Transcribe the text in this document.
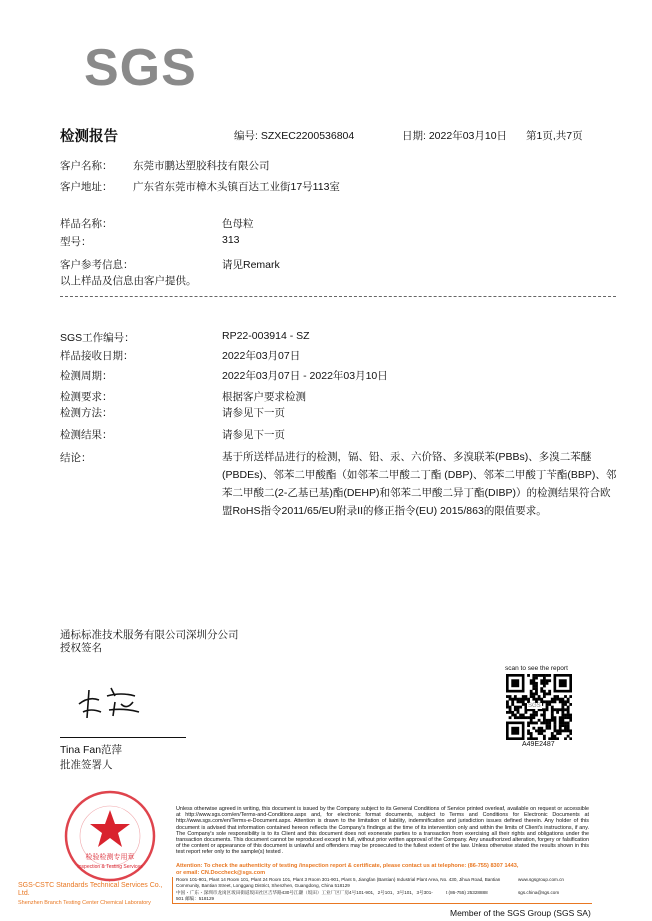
SGS
检测报告	编号: SZXEC2200536804	日期: 2022年03月10日 第1页,共7页
客户名称： 东莞市鹏达塑胶科技有限公司
客户地址： 广东省东莞市樟木头镇百达工业街17号113室
样品名称：	色母粒
型号：	313
客户参考信息：	请见Remark
以上样品及信息由客户提供。
SGS工作编号：	RP22-003914 - SZ
样品接收日期：	2022年03月07日
检测周期：	2022年03月07日 - 2022年03月10日
检测要求：	根据客户要求检测
检测方法：	请参见下一页
检测结果：	请参见下一页
结论：	基于所送样品进行的检测，镉、铅、汞、六价铬、多溴联苯(PBBs)、多溴二苯醚(PBDEs)、邻苯二甲酸酯（如邻苯二甲酸二丁酯 (DBP)、邻苯二甲酸丁苄酯(BBP)、邻苯二甲酸二(2-乙基已基)酯(DEHP)和邻苯二甲酸二异丁酯(DIBP)）的检测结果符合欧盟RoHS指令2011/65/EU附录II的修正指令(EU) 2015/863的限值要求。
通标标准技术服务有限公司深圳分公司
授权签名
Tina Fan范萍
批准签署人
scan to see the report
SGS
A49E2487
检验检测专用章
Inspection & Testing Services
Unless otherwise agreed in writing, this document is issued by the Company subject to its General Conditions of Service printed overleaf, available on request or accessible at http://www.sgs.com/en/Terms-and-Conditions.aspx and, for electronic format documents, subject to Terms and Conditions for Electronic Documents at http://www.sgs.com/en/Terms-e-Document.aspx. Attention is drawn to the limitation of liability, indemnification and jurisdiction issues defined therein. Any holder of this document is advised that information contained hereon reflects the Company's findings at the time of its intervention only and within the limits of Client's instructions, if any. The Company's sole responsibility is to its Client and this document does not exonerate parties to a transaction from exercising all their rights and obligations under the transaction documents. This document cannot be reproduced except in full, without prior written approval of the Company. Any unauthorized alteration, forgery or falsification of the content or appearance of this document is unlawful and offenders may be prosecuted to the fullest extent of the law. Unless otherwise stated the results shown in this test report refer only to the sample(s) tested .
Attention: To check the authenticity of testing /inspection report & certificate, please contact us at telephone: (86-755) 8307 1443,
or email: CN.Doccheck@sgs.com
SGS-CSTC Standards Technical Services Co., Ltd.
Shenzhen Branch Testing Center Chemical Laboratory
Room 101-901, Plant 14 Room 101, Plant 24 Room 101, Plant 3 Room 301-901, Plant 5, Jiangfan (Bantian) Industrial Plant Area, No. 430, Jihua Road, Bantian Community, Bantian Street, Longgang District, Shenzhen, Guangdong, China 518129
www.sgsgroup.com.cn
中国・广东・深圳市龙岗区坂田街道坂田社区吉华路430号江灏（坂田）工业厂区厂房4号101-901，2号101，3号101，3号301-501 邮编：518129
t (86-755) 25328888	sgs.china@sgs.com
Member of the SGS Group (SGS SA)
